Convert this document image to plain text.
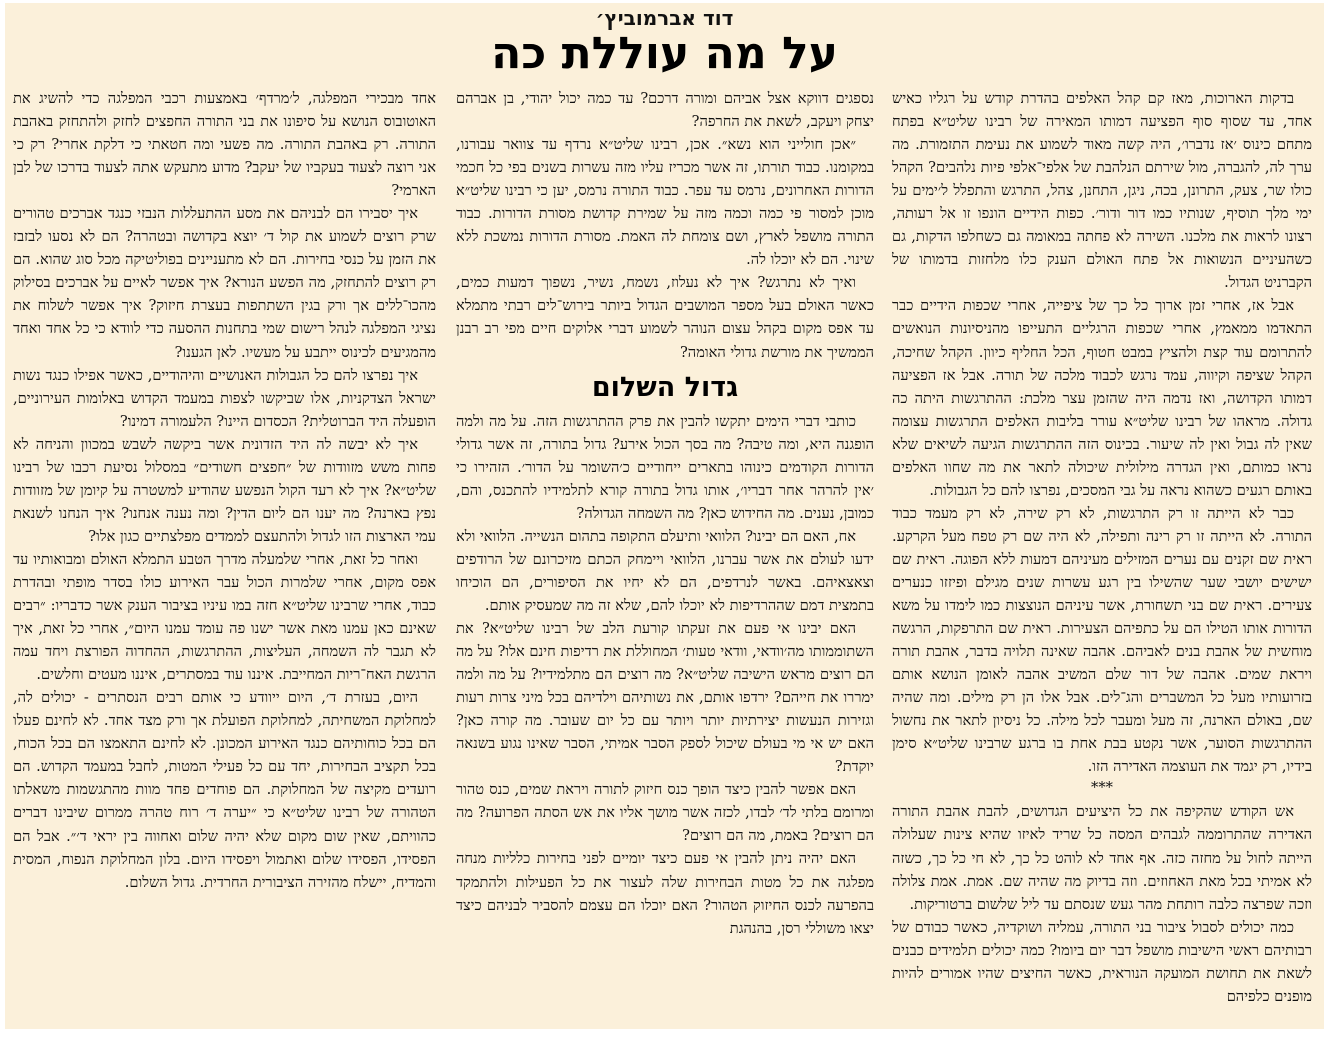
דוד אברמוביץ׳
על מה עוללת כה

בדקות הארוכות, מאז קם קהל האלפים בהדרת קודש על רגליו כאיש אחד, עד שסוף סוף הפציעה דמותו המאירה של רבינו שליט״א בפתח מתחם כינוס ׳אז נדברו׳, היה קשה מאוד לשמוע את נעימת התזמורת. מה ערך לה, להגברה, מול שירתם הנלהבת של אלפי־אלפי פיות נלהבים? הקהל כולו שר, צעק, התרונן, בכה, ניגן, התחנן, צהל, התרגש והתפלל ל׳ימים על ימי מלך תוסיף, שנותיו כמו דור ודור׳. כפות הידיים הונפו זו אל רעותה, רצונו לראות את מלכנו. השירה לא פחתה במאומה גם כשחלפו הדקות, גם כשהעיניים הנשואות אל פתח האולם הענק כלו מלחזות בדמותו של הקברניט הגדול.

אבל אז, אחרי זמן ארוך כל כך של ציפייה, אחרי שכפות הידיים כבר התאדמו ממאמץ, אחרי שכפות הרגליים התעייפו מהניסיונות הנואשים להתרומם עוד קצת ולהציץ במבט חטוף, הכל החליף כיוון. הקהל שחיכה, הקהל שציפה וקיווה, עמד נרגש לכבוד מלכה של תורה. אבל אז הפציעה דמותו הקדושה, ואז נדמה היה שהזמן עצר מלכת: ההתרגשות היתה כה גדולה. מראהו של רבינו שליט״א עורר בליבות האלפים התרגשות עצומה שאין לה גבול ואין לה שיעור. בכינוס הזה ההתרגשות הגיעה לשיאים שלא נראו כמותם, ואין הגדרה מילולית שיכולה לתאר את מה שחוו האלפים באותם רגעים כשהוא נראה על גבי המסכים, נפרצו להם כל הגבולות.

כבר לא הייתה זו רק התרגשות, לא רק שירה, לא רק מעמד כבוד התורה. לא הייתה זו רק רינה ותפילה, לא היה שם רק טפח מעל הקרקע. ראית שם זקנים עם נערים המזילים מעיניהם דמעות ללא הפוגה. ראית שם ישישים יושבי שער שהשילו בין רגע עשרות שנים מגילם ופיזזו כנערים צעירים. ראית שם בני תשחורת, אשר עיניהם הנוצצות כמו לימדו על משא הדורות אותו הטילו הם על כתפיהם הצעירות. ראית שם התרפקות, הרגשה מוחשית של אהבת בנים לאביהם. אהבה שאינה תלויה בדבר, אהבת תורה ויראת שמים. אהבה של דור שלם המשיב אהבה לאומן הנושא אותם בזרועותיו מעל כל המשברים והג־לים. אבל אלו הן רק מילים. ומה שהיה שם, באולם הארנה, זה מעל ומעבר לכל מילה. כל ניסיון לתאר את נחשול ההתרגשות הסוער, אשר נקטע בבת אחת בו ברגע שרבינו שליט״א סימן בידיו, רק יגמד את העוצמה האדירה הזו.

***

אש הקודש שהקיפה את כל היציעים הגדושים, להבת אהבת התורה האדירה שהתרוממה לגבהים המסה כל שריד לאיזו שהיא צינות שעלולה הייתה לחול על מחזה כזה. אף אחד לא לוהט כל כך, לא חי כל כך, כשזה לא אמיתי בכל מאת האחוזים. וזה בדיוק מה שהיה שם. אמת. אמת צלולה וזכה שפרצה כלבה רותחת מהר געש שנסתם עד ליל שלשום ברטוריקות.

כמה יכולים לסבול ציבור בני התורה, עמליה ושוקדיה, כאשר כבודם של רבותיהם ראשי הישיבות מושפל דבר יום ביומו? כמה יכולים תלמידים כבנים לשאת את תחושת המועקה הנוראית, כאשר החיצים שהיו אמורים להיות מופנים כלפיהם

נספגים דווקא אצל אביהם ומורה דרכם? עד כמה יכול יהודי, בן אברהם יצחק ויעקב, לשאת את החרפה?

״אכן חולייני הוא נשא״. אכן, רבינו שליט״א נרדף עד צוואר עבורנו, במקומנו. כבוד תורתו, זה אשר מכריז עליו מזה עשרות בשנים בפי כל חכמי הדורות האחרונים, נרמס עד עפר. כבוד התורה נרמס, יען כי רבינו שליט״א מוכן למסור פי כמה וכמה מזה על שמירת קדושת מסורת הדורות. כבוד התורה מושפל לארץ, ושם צומחת לה האמת. מסורת הדורות נמשכת ללא שינוי. הם לא יוכלו לה.

ואיך לא נתרגש? איך לא נעלוז, נשמח, נשיר, נשפוך דמעות כמים, כאשר האולם בעל מספר המושבים הגדול ביותר בירוש־לים רבתי מתמלא עד אפס מקום בקהל עצום הנוהר לשמוע דברי אלוקים חיים מפי רב רבנן הממשיך את מורשת גדולי האומה?

גדול השלום

כותבי דברי הימים יתקשו להבין את פרק ההתרגשות הזה. על מה ולמה הופגנה היא, ומה טיבה? מה בסך הכול אירע? גדול בתורה, זה אשר גדולי הדורות הקודמים כינוהו בתארים ייחודיים כ׳השומר על הדור׳. הזהירו כי ׳אין להרהר אחר דבריו׳, אותו גדול בתורה קורא לתלמידיו להתכנס, והם, כמובן, נענים. מה החידוש כאן? מה השמחה הגדולה?

אח, האם הם יבינו? הלוואי ותיעלם התקופה בתהום הנשייה. הלוואי ולא ידעו לעולם את אשר עברנו, הלוואי ויימחק הכתם מזיכרונם של הרודפים וצאצאיהם. באשר לנרדפים, הם לא יחיו את הסיפורים, הם הוכיחו בתמצית דמם שההרדיפות לא יוכלו להם, שלא זה מה שמעסיק אותם.

האם יבינו אי פעם את זעקתו קורעת הלב של רבינו שליט״א? את השתוממותו מה׳וודאי, וודאי טעות׳ המחוללת את רדיפות חינם אלו? על מה הם רוצים מראש הישיבה שליט״א? מה רוצים הם מתלמידיו? על מה ולמה ימררו את חייהם? ירדפו אותם, את נשותיהם וילדיהם בכל מיני צרות רעות וגזירות הנעשות יצירתיות יותר ויותר עם כל יום שעובר. מה קורה כאן? האם יש אי מי בעולם שיכול לספק הסבר אמיתי, הסבר שאינו נגוע בשנאה יוקדת?

האם אפשר להבין כיצד הופך כנס חיזוק לתורה ויראת שמים, כנס טהור ומרומם בלתי לד׳ לבדו, לכזה אשר מושך אליו את אש הסתה הפרועה? מה הם רוצים? באמת, מה הם רוצים?

האם יהיה ניתן להבין אי פעם כיצד יומיים לפני בחירות כלליות מנחה מפלגה את כל מטות הבחירות שלה לעצור את כל הפעילות ולהתמקד בהפרעה לכנס החיזוק הטהור? האם יוכלו הם עצמם להסביר לבניהם כיצד יצאו משוללי רסן, בהנהגת

אחד מבכירי המפלגה, ל׳מרדף׳ באמצעות רכבי המפלגה כדי להשיג את האוטובוס הנושא על סיפונו את בני התורה החפצים לחזק ולהתחזק באהבת התורה. רק באהבת התורה. מה פשעי ומה חטאתי כי דלקת אחרי? רק כי אני רוצה לצעוד בעקביו של יעקב? מדוע מתעקש אתה לצעוד בדרכו של לבן הארמי?

איך יסבירו הם לבניהם את מסע ההתעללות הנבזי כנגד אברכים טהורים שרק רוצים לשמוע את קול ד׳ יוצא בקדושה ובטהרה? הם לא נסעו לבזבז את הזמן על כנסי בחירות. הם לא מתעניינים בפוליטיקה מכל סוג שהוא. הם רק רוצים להתחזק, מה הפשע הנורא? איך אפשר לאיים על אברכים בסילוק מהכו־ללים אך ורק בגין השתתפות בעצרת חיזוק? איך אפשר לשלוח את נציגי המפלגה לנהל רישום שמי בתחנות ההסעה כדי לוודא כי כל אחד ואחד מהמגיעים לכינוס ייתבע על מעשיו. לאן הגענו?

איך נפרצו להם כל הגבולות האנושיים והיהודיים, כאשר אפילו כנגד נשות ישראל הצדקניות, אלו שביקשו לצפות במעמד הקדוש באלומות העירוניים, הופעלה היד הברוטלית? הכסדום היינו? הלעמורה דמינו?

איך לא יבשה לה היד הזדונית אשר ביקשה לשבש במכוון והניחה לא פחות משש מזוודות של ״חפצים חשודים״ במסלול נסיעת רכבו של רבינו שליט״א? איך לא רעד הקול הנפשע שהודיע למשטרה על קיומן של מזוודות נפץ בארנה? מה יענו הם ליום הדין? ומה נענה אנחנו? איך הנחנו לשנאת עמי הארצות הזו לגדול ולהתעצם לממדים מפלצתיים כגון אלו?

ואחר כל זאת, אחרי שלמעלה מדרך הטבע התמלא האולם ומבואותיו עד אפס מקום, אחרי שלמרות הכול עבר האירוע כולו בסדר מופתי ובהדרת כבוד, אחרי שרבינו שליט״א חזה במו עיניו בציבור הענק אשר כדבריו: ״רבים שאינם כאן עמנו מאת אשר ישנו פה עומד עמנו היום״, אחרי כל זאת, איך לא תגבר לה השמחה, העליצות, ההתרגשות, ההחדוה הפורצת ויחד עמה הרגשת האח־ריות המחייבת. איננו עוד במסתרים, איננו מעטים וחלשים.

היום, בעזרת ד׳, היום ייוודע כי אותם רבים הנסתרים - יכולים לה, למחלוקת המשחיתה, למחלוקת הפועלת אך ורק מצד אחד. לא לחינם פעלו הם בכל כוחותיהם כנגד האירוע המכונן. לא לחינם התאמצו הם בכל הכוח, בכל תקציב הבחירות, יחד עם כל פעילי המטות, לחבל במעמד הקדוש. הם רועדים מקיצה של המחלוקת. הם פוחדים פחד מוות מהתגשמות משאלתו הטהורה של רבינו שליט״א כי ״יערה ד׳ רוח טהרה ממרום שיבינו דברים כהוויתם, שאין שום מקום שלא יהיה שלום ואחווה בין יראי ד׳״. אבל הם הפסידו, הפסידו שלום ואתמול ויפסידו היום. בלון המחלוקת הנפוח, המסית והמדיח, יישלח מהזירה הציבורית החרדית. גדול השלום.
